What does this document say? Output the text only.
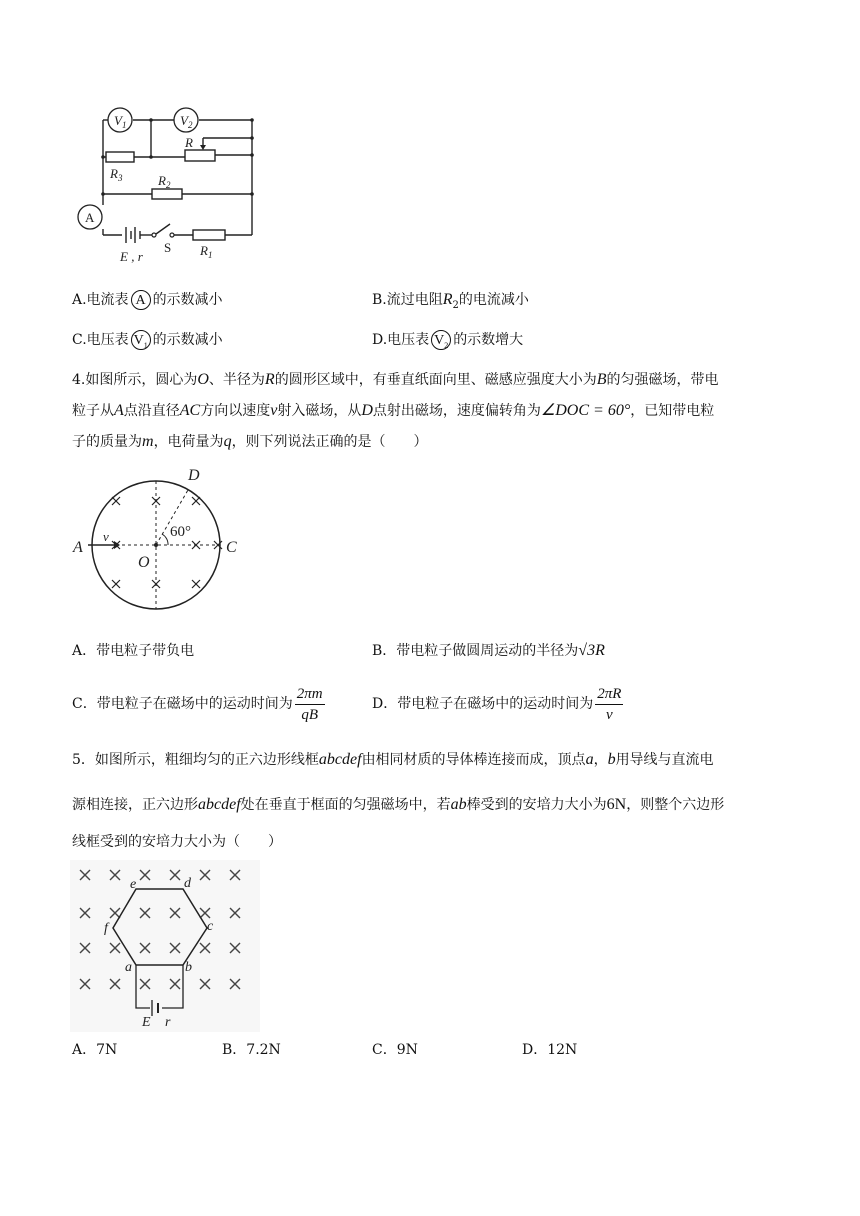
$V_1$	$V_2$
R
$R_3$	$R_2$
A
S $R_1$
E , r
A.电流表 A 的示数减小	B.流过电阻$R_2$的电流减小
C.电压表 $V_1$ 的示数减小	D.电压表 $V_2$ 的示数增大
4.如图所示，圆心为O、半径为R的圆形区域中，有垂直纸面向里、磁感应强度大小为B的匀强磁场，带电
粒子从A点沿直径AC方向以速度v射入磁场，从D点射出磁场，速度偏转角为∠DOC = 60°，已知带电粒
子的质量为m，电荷量为q，则下列说法正确的是（　　）
D
A
v
C
O
60°
A．带电粒子带负电	B．带电粒子做圆周运动的半径为√3R
C．带电粒子在磁场中的运动时间为 $\frac{2\pi m}{qB}$	D．带电粒子在磁场中的运动时间为 $\frac{2\pi R}{v}$
5．如图所示，粗细均匀的正六边形线框abcdef由相同材质的导体棒连接而成，顶点a，b用导线与直流电
源相连接，正六边形abcdef处在垂直于框面的匀强磁场中，若ab棒受到的安培力大小为6N，则整个六边形
线框受到的安培力大小为（　　）
e	d
f	c
a	b
E r
A．7N	B．7.2N	C．9N	D．12N
